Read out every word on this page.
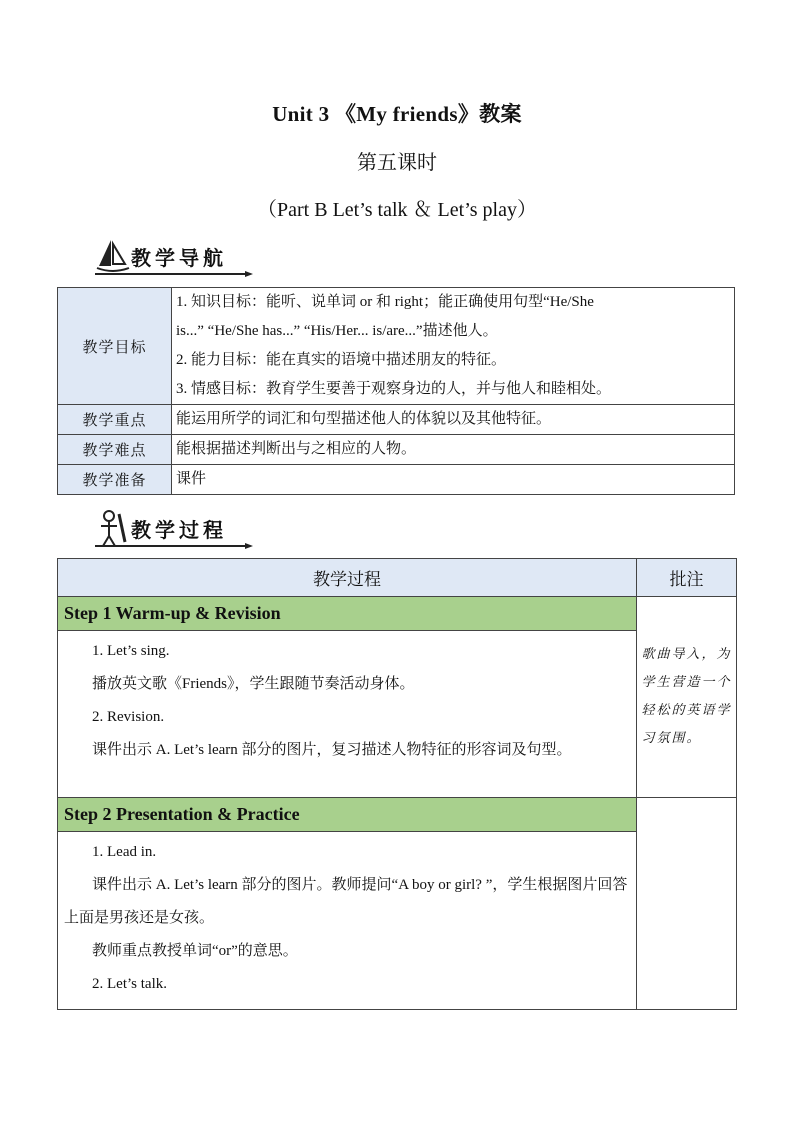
Unit 3 《My friends》教案
第五课时
（Part B Let’s talk ＆ Let’s play）
教学导航
教学目标	1. 知识目标：能听、说单词 or 和 right；能正确使用句型“He/She
is...” “He/She has...” “His/Her... is/are...”描述他人。
2. 能力目标：能在真实的语境中描述朋友的特征。
3. 情感目标：教育学生要善于观察身边的人，并与他人和睦相处。

教学重点	能运用所学的词汇和句型描述他人的体貌以及其他特征。
教学难点	能根据描述判断出与之相应的人物。
教学准备	课件
教学过程
教学过程	批注
Step 1 Warm-up & Revision	歌曲导入，为学生营造一个轻松的英语学习氛围。

1. Let’s sing.
播放英文歌《Friends》，学生跟随节奏活动身体。
2. Revision.
课件出示 A. Let’s learn 部分的图片，复习描述人物特征的形容词及句型。	

Step 2 Presentation & Practice	

1. Lead in.
课件出示 A. Let’s learn 部分的图片。教师提问“A boy or girl? ”，学生根据图片回答上面是男孩还是女孩。
教师重点教授单词“or”的意思。
2. Let’s talk.	
